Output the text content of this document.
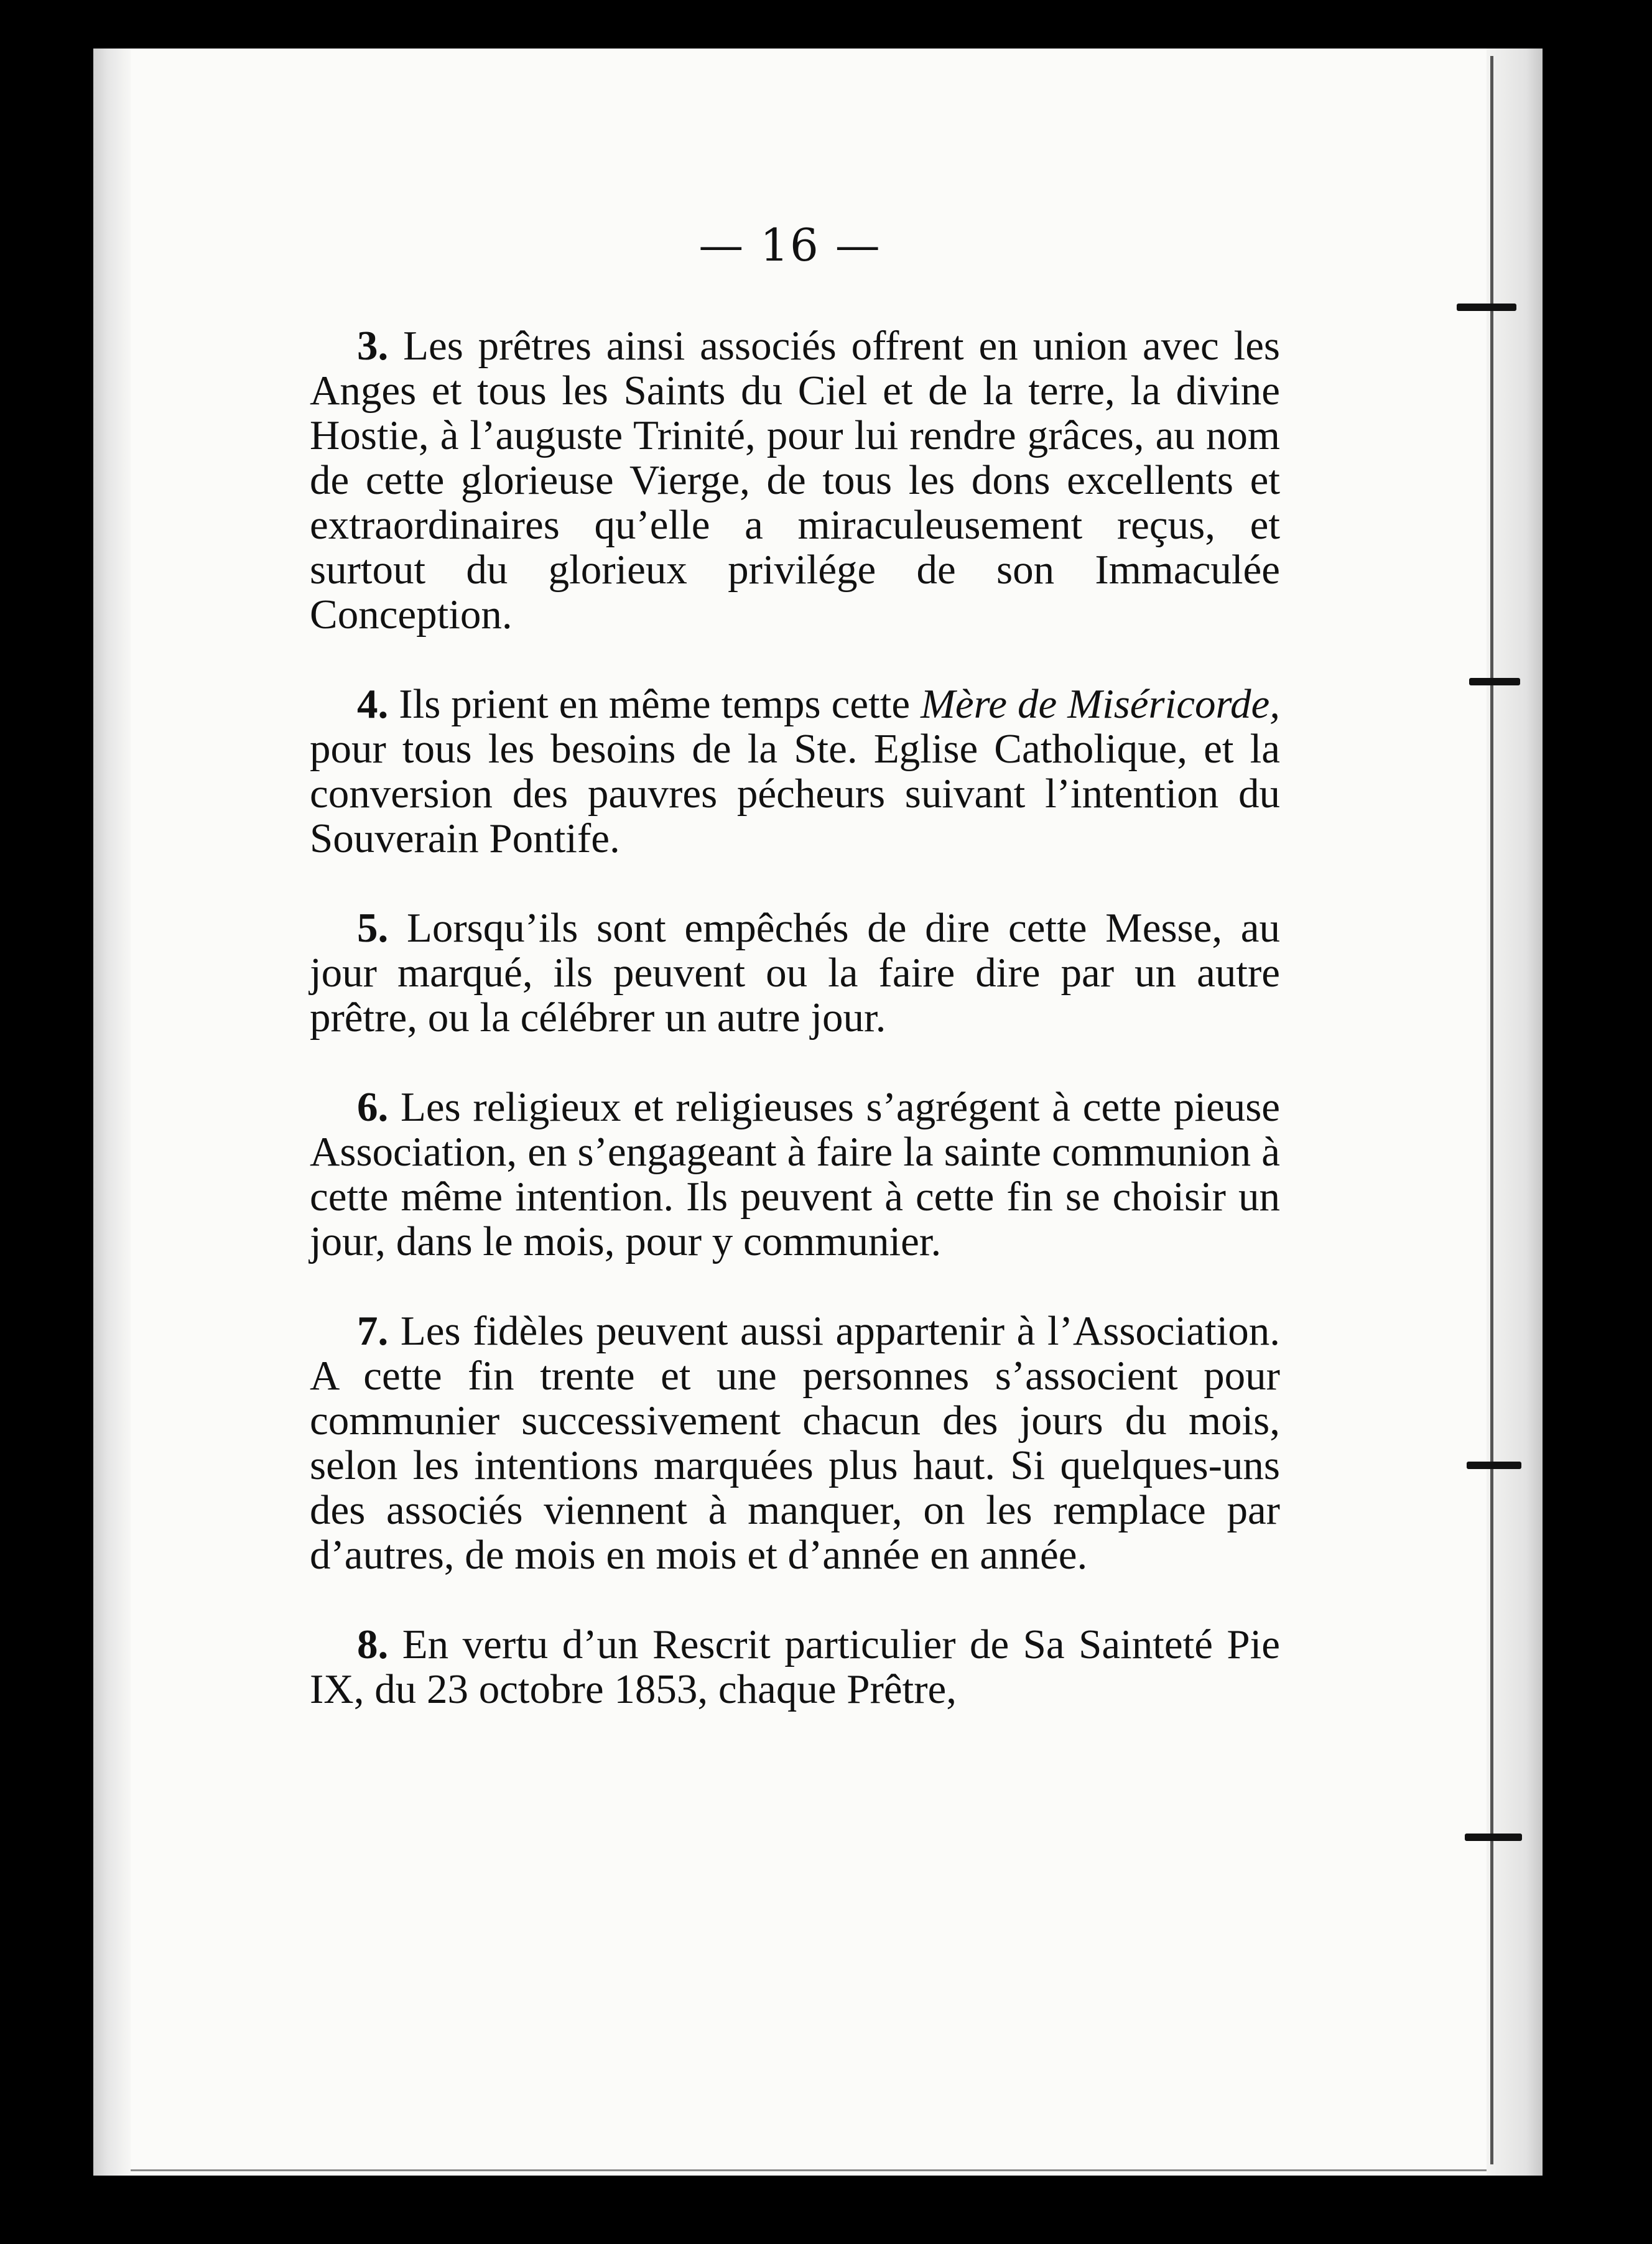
— 16 —

3. Les prêtres ainsi associés offrent en union avec les Anges et tous les Saints du Ciel et de la terre, la divine Hostie, à l’auguste Trinité, pour lui rendre grâces, au nom de cette glorieuse Vierge, de tous les dons excellents et extraordinaires qu’elle a miraculeusement reçus, et surtout du glorieux privilége de son Immaculée Conception.

4. Ils prient en même temps cette Mère de Miséricorde, pour tous les besoins de la Ste. Eglise Catholique, et la conversion des pauvres pécheurs suivant l’intention du Souverain Pontife.

5. Lorsqu’ils sont empêchés de dire cette Messe, au jour marqué, ils peuvent ou la faire dire par un autre prêtre, ou la célébrer un autre jour.

6. Les religieux et religieuses s’agrégent à cette pieuse Association, en s’engageant à faire la sainte communion à cette même intention. Ils peuvent à cette fin se choisir un jour, dans le mois, pour y communier.

7. Les fidèles peuvent aussi appartenir à l’Association. A cette fin trente et une personnes s’associent pour communier successivement chacun des jours du mois, selon les intentions marquées plus haut. Si quelques-uns des associés viennent à manquer, on les remplace par d’autres, de mois en mois et d’année en année.

8. En vertu d’un Rescrit particulier de Sa Sainteté Pie IX, du 23 octobre 1853, chaque Prêtre,
